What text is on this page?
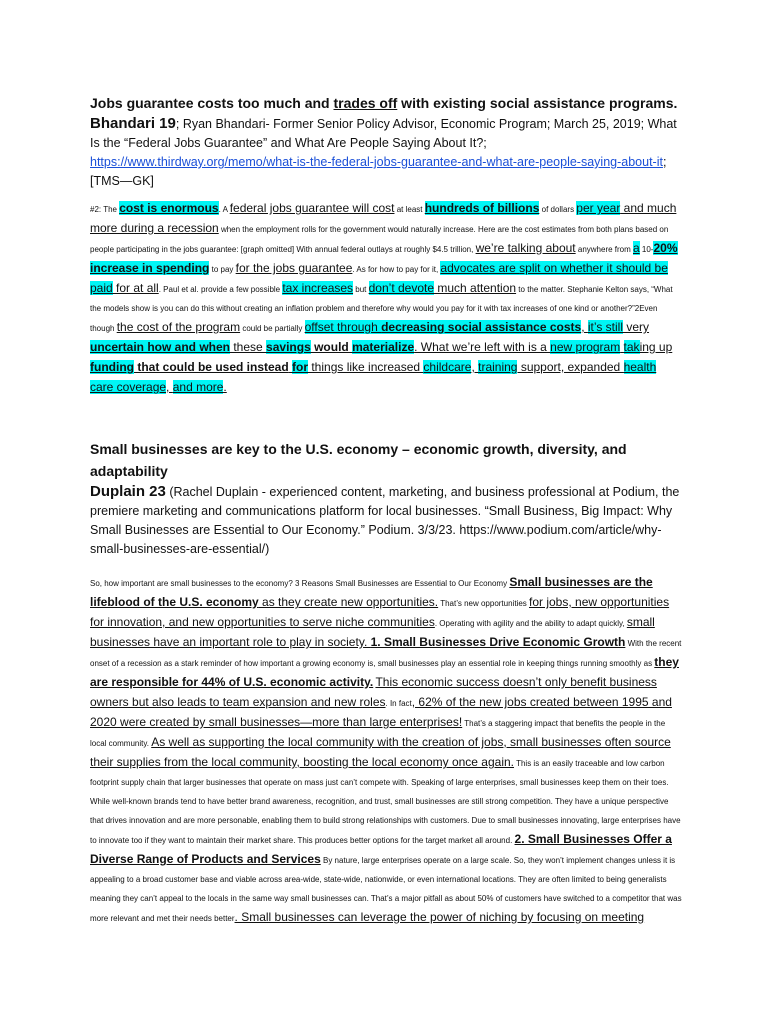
Jobs guarantee costs too much and trades off with existing social assistance programs.

Bhandari 19; Ryan Bhandari- Former Senior Policy Advisor, Economic Program; March 25, 2019; What Is the “Federal Jobs Guarantee” and What Are People Saying About It?; https://www.thirdway.org/memo/what-is-the-federal-jobs-guarantee-and-what-are-people-saying-about-it; [TMS—GK]

#2: The cost is enormous. A federal jobs guarantee will cost at least hundreds of billions of dollars per year and much more during a recession when the employment rolls for the government would naturally increase. Here are the cost estimates from both plans based on people participating in the jobs guarantee: [graph omitted] With annual federal outlays at roughly $4.5 trillion, we’re talking about anywhere from a 10-20% increase in spending to pay for the jobs guarantee. As for how to pay for it, advocates are split on whether it should be paid for at all. Paul et al. provide a few possible tax increases but don’t devote much attention to the matter. Stephanie Kelton says, “What the models show is you can do this without creating an inflation problem and therefore why would you pay for it with tax increases of one kind or another?”2Even though the cost of the program could be partially offset through decreasing social assistance costs, it’s still very uncertain how and when these savings would materialize. What we’re left with is a new program taking up funding that could be used instead for things like increased childcare, training support, expanded health care coverage, and more.

Small businesses are key to the U.S. economy – economic growth, diversity, and adaptability

Duplain 23 (Rachel Duplain - experienced content, marketing, and business professional at Podium, the premiere marketing and communications platform for local businesses. “Small Business, Big Impact: Why Small Businesses are Essential to Our Economy.” Podium. 3/3/23. https://www.podium.com/article/why-small-businesses-are-essential/)

So, how important are small businesses to the economy? 3 Reasons Small Businesses are Essential to Our Economy Small businesses are the lifeblood of the U.S. economy as they create new opportunities. That’s new opportunities for jobs, new opportunities for innovation, and new opportunities to serve niche communities. Operating with agility and the ability to adapt quickly, small businesses have an important role to play in society. 1. Small Businesses Drive Economic Growth With the recent onset of a recession as a stark reminder of how important a growing economy is, small businesses play an essential role in keeping things running smoothly as they are responsible for 44% of U.S. economic activity. This economic success doesn’t only benefit business owners but also leads to team expansion and new roles. In fact, 62% of the new jobs created between 1995 and 2020 were created by small businesses—more than large enterprises! That’s a staggering impact that benefits the people in the local community. As well as supporting the local community with the creation of jobs, small businesses often source their supplies from the local community, boosting the local economy once again. This is an easily traceable and low carbon footprint supply chain that larger businesses that operate on mass just can’t compete with. Speaking of large enterprises, small businesses keep them on their toes. While well-known brands tend to have better brand awareness, recognition, and trust, small businesses are still strong competition. They have a unique perspective that drives innovation and are more personable, enabling them to build strong relationships with customers. Due to small businesses innovating, large enterprises have to innovate too if they want to maintain their market share. This produces better options for the target market all around. 2. Small Businesses Offer a Diverse Range of Products and Services By nature, large enterprises operate on a large scale. So, they won’t implement changes unless it is appealing to a broad customer base and viable across area-wide, state-wide, nationwide, or even international locations. They are often limited to being generalists meaning they can’t appeal to the locals in the same way small businesses can. That’s a major pitfall as about 50% of customers have switched to a competitor that was more relevant and met their needs better. Small businesses can leverage the power of niching by focusing on meeting
